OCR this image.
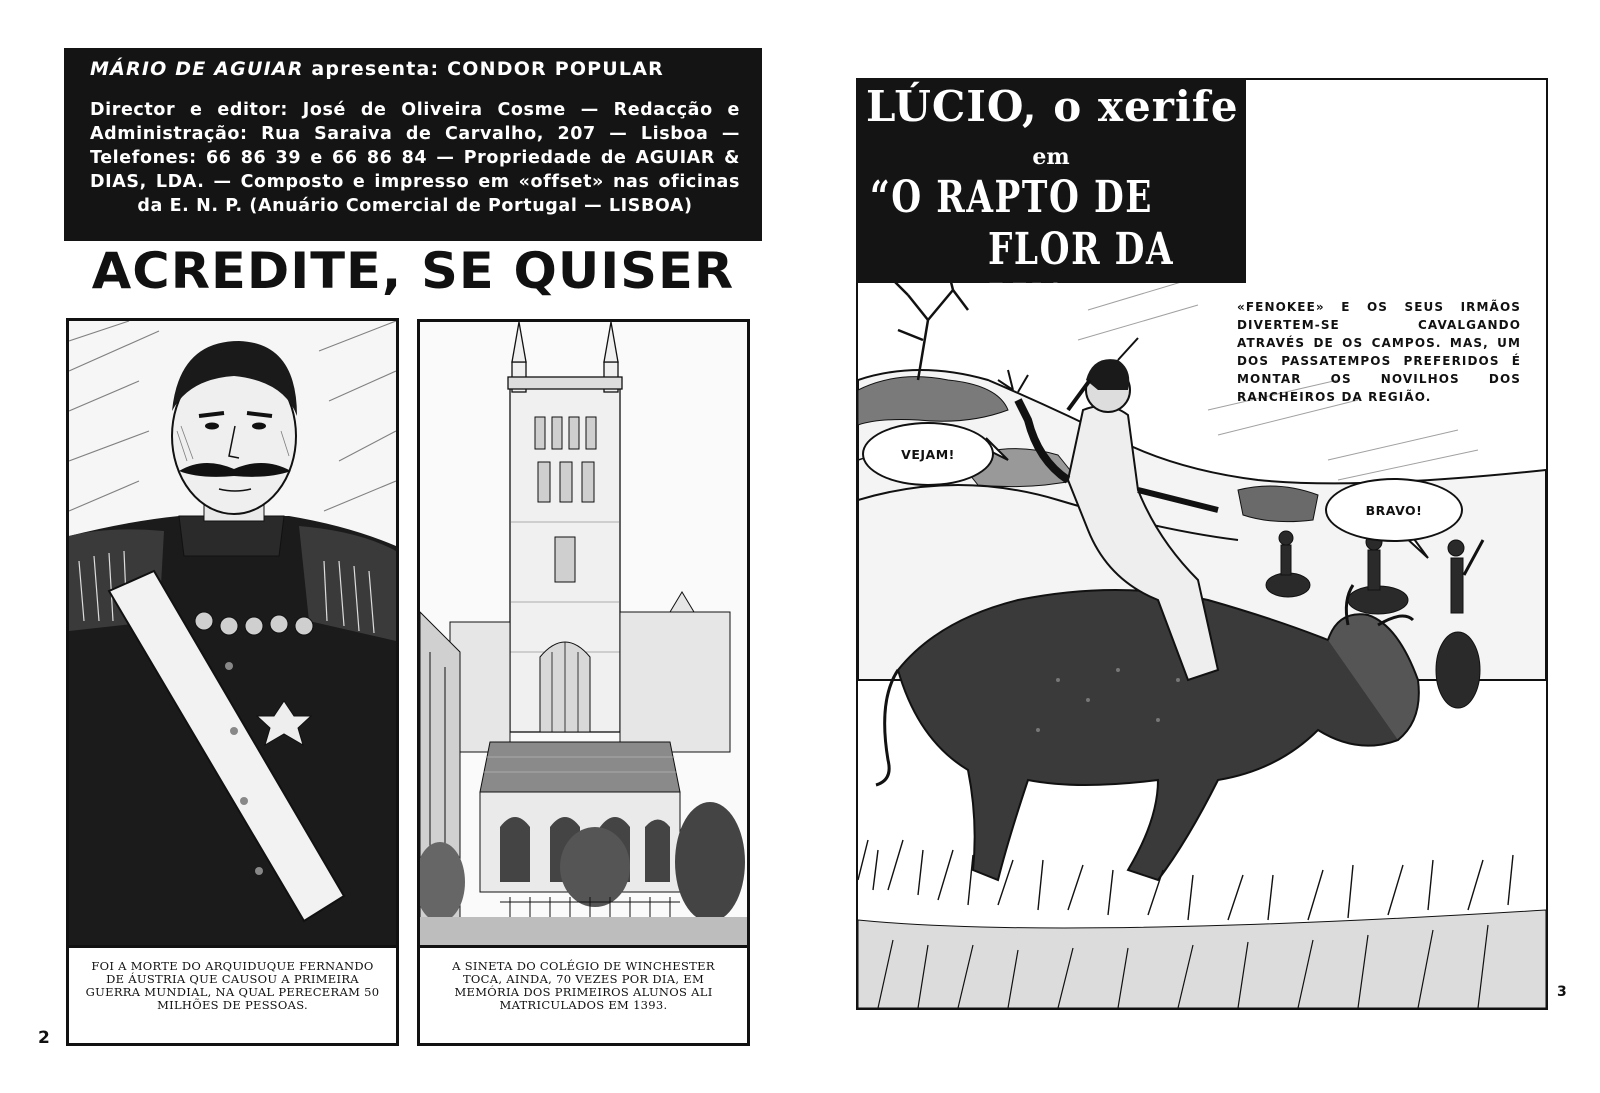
MÁRIO DE AGUIAR apresenta: CONDOR POPULAR
Director e editor: José de Oliveira Cosme — Redacção e Administração: Rua Saraiva de Carvalho, 207 — Lisboa — Telefones: 66 86 39 e 66 86 84 — Propriedade de AGUIAR & DIAS, LDA. — Composto e impresso em «offset» nas oficinas da E. N. P. (Anuário Comercial de Portugal — LISBOA)
ACREDITE, SE QUISER
FOI A MORTE DO ARQUIDUQUE FERNANDO DE ÁUSTRIA QUE CAUSOU A PRIMEIRA GUERRA MUNDIAL, NA QUAL PERECERAM 50 MILHÕES DE PESSOAS.
A SINETA DO COLÉGIO DE WINCHESTER TOCA, AINDA, 70 VEZES POR DIA, EM MEMÓRIA DOS PRIMEIROS ALUNOS ALI MATRICULADOS EM 1393.
2
LÚCIO, o xerife
em
“O RAPTO DE
FLOR DA LUA”	«FENOKEE» E OS SEUS IRMÃOS DIVERTEM-SE CAVALGANDO ATRAVÉS DE OS CAMPOS. MAS, UM DOS PASSATEMPOS PREFERIDOS É MONTAR OS NOVILHOS DOS RANCHEIROS DA REGIÃO.
VEJAM!
BRAVO!
3
